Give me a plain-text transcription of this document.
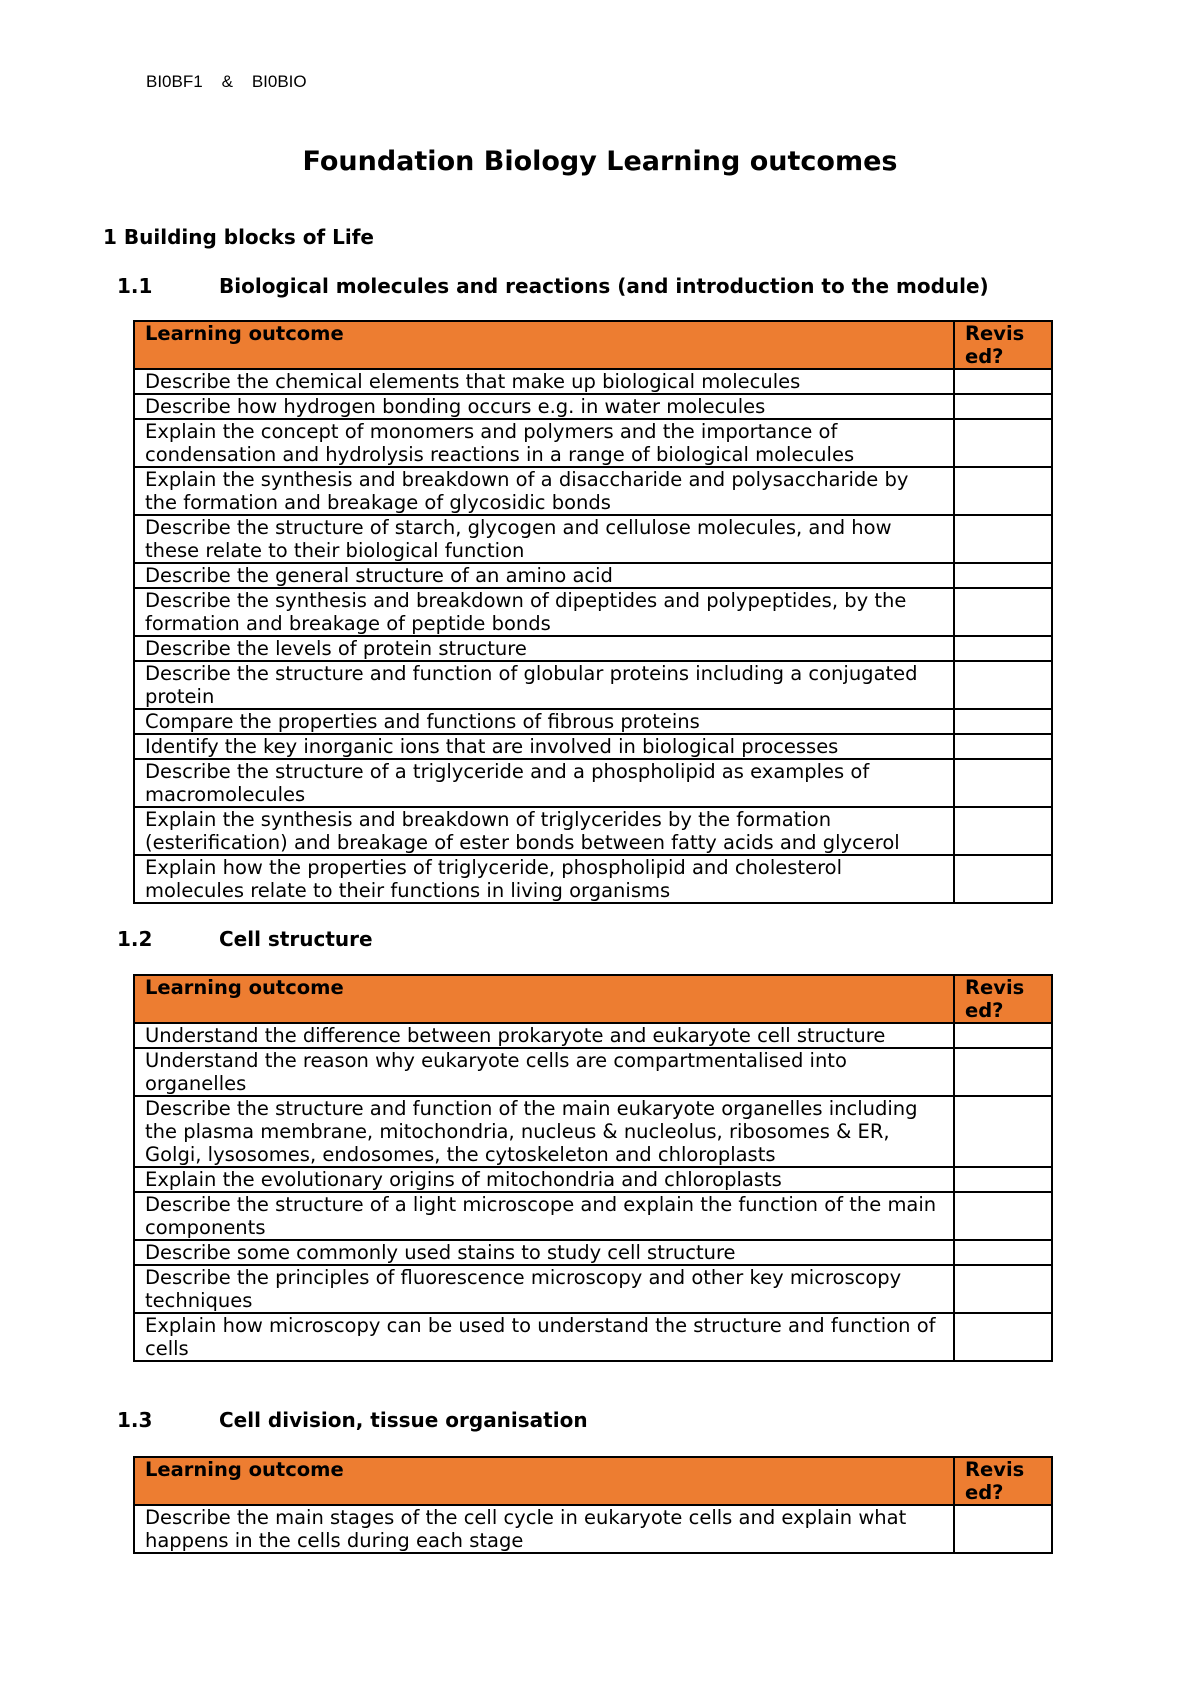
BI0BF1    &    BI0BIO
Foundation Biology Learning outcomes
1 Building blocks of Life
1.1	Biological molecules and reactions (and introduction to the module)
Learning outcome	Revis ed?
Describe the chemical elements that make up biological molecules	
Describe how hydrogen bonding occurs e.g. in water molecules	
Explain the concept of monomers and polymers and the importance of condensation and hydrolysis reactions in a range of biological molecules	
Explain the synthesis and breakdown of a disaccharide and polysaccharide by the formation and breakage of glycosidic bonds	
Describe the structure of starch, glycogen and cellulose molecules, and how these relate to their biological function	
Describe the general structure of an amino acid	
Describe the synthesis and breakdown of dipeptides and polypeptides, by the formation and breakage of peptide bonds	
Describe the levels of protein structure	
Describe the structure and function of globular proteins including a conjugated protein	
Compare the properties and functions of fibrous proteins	
Identify the key inorganic ions that are involved in biological processes	
Describe the structure of a triglyceride and a phospholipid as examples of macromolecules	
Explain the synthesis and breakdown of triglycerides by the formation (esterification) and breakage of ester bonds between fatty acids and glycerol	
Explain how the properties of triglyceride, phospholipid and cholesterol molecules relate to their functions in living organisms	
1.2	Cell structure
Learning outcome	Revis ed?
Understand the difference between prokaryote and eukaryote cell structure	
Understand the reason why eukaryote cells are compartmentalised into organelles	
Describe the structure and function of the main eukaryote organelles including the plasma membrane, mitochondria, nucleus & nucleolus, ribosomes & ER, Golgi, lysosomes, endosomes, the cytoskeleton and chloroplasts	
Explain the evolutionary origins of mitochondria and chloroplasts	
Describe the structure of a light microscope and explain the function of the main components	
Describe some commonly used stains to study cell structure	
Describe the principles of fluorescence microscopy and other key microscopy techniques	
Explain how microscopy can be used to understand the structure and function of cells	
1.3	Cell division, tissue organisation
Learning outcome	Revis ed?
Describe the main stages of the cell cycle in eukaryote cells and explain what happens in the cells during each stage	
